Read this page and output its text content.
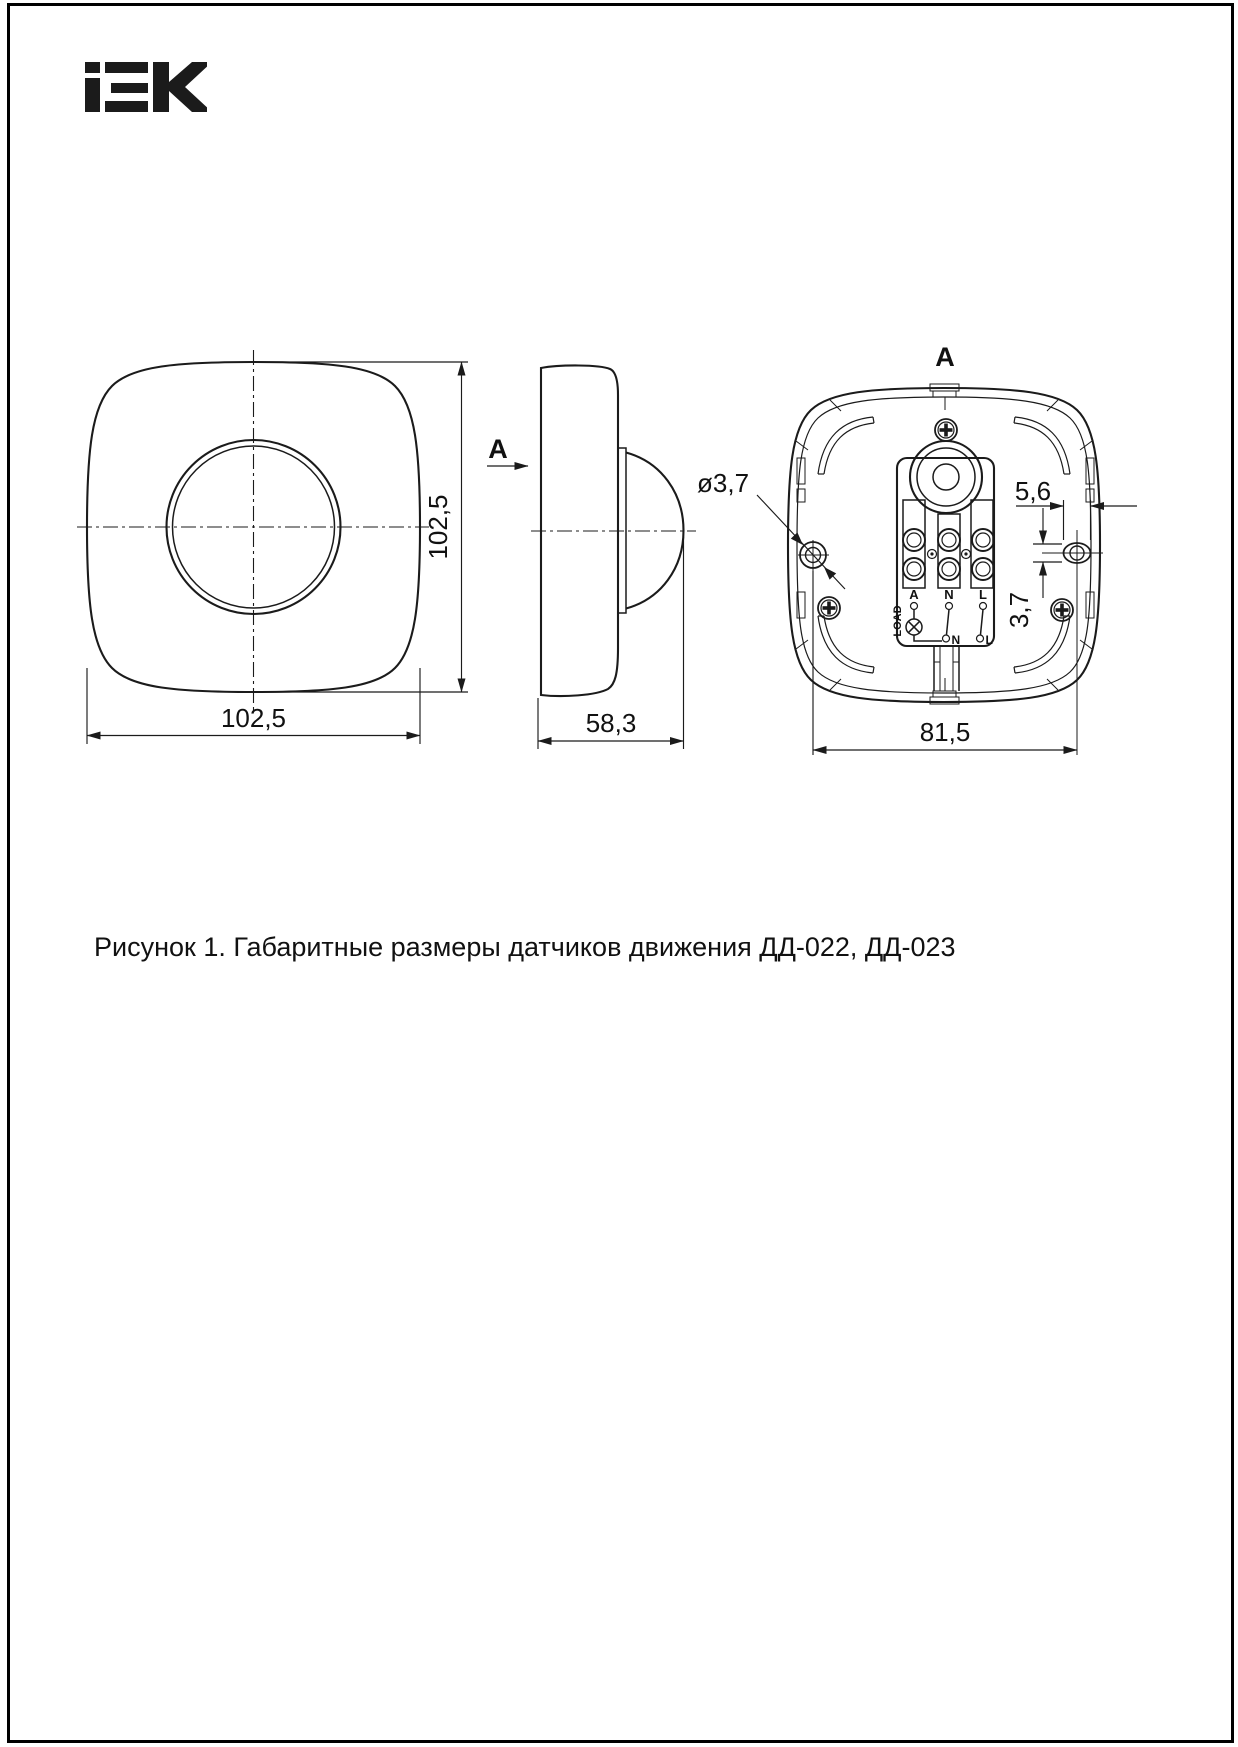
102,5
102,5
A
58,3
A
A N L
LOAD
N L
ø3,7	5,6
3,7
81,5
Рисунок 1. Габаритные размеры датчиков движения ДД-022, ДД-023
